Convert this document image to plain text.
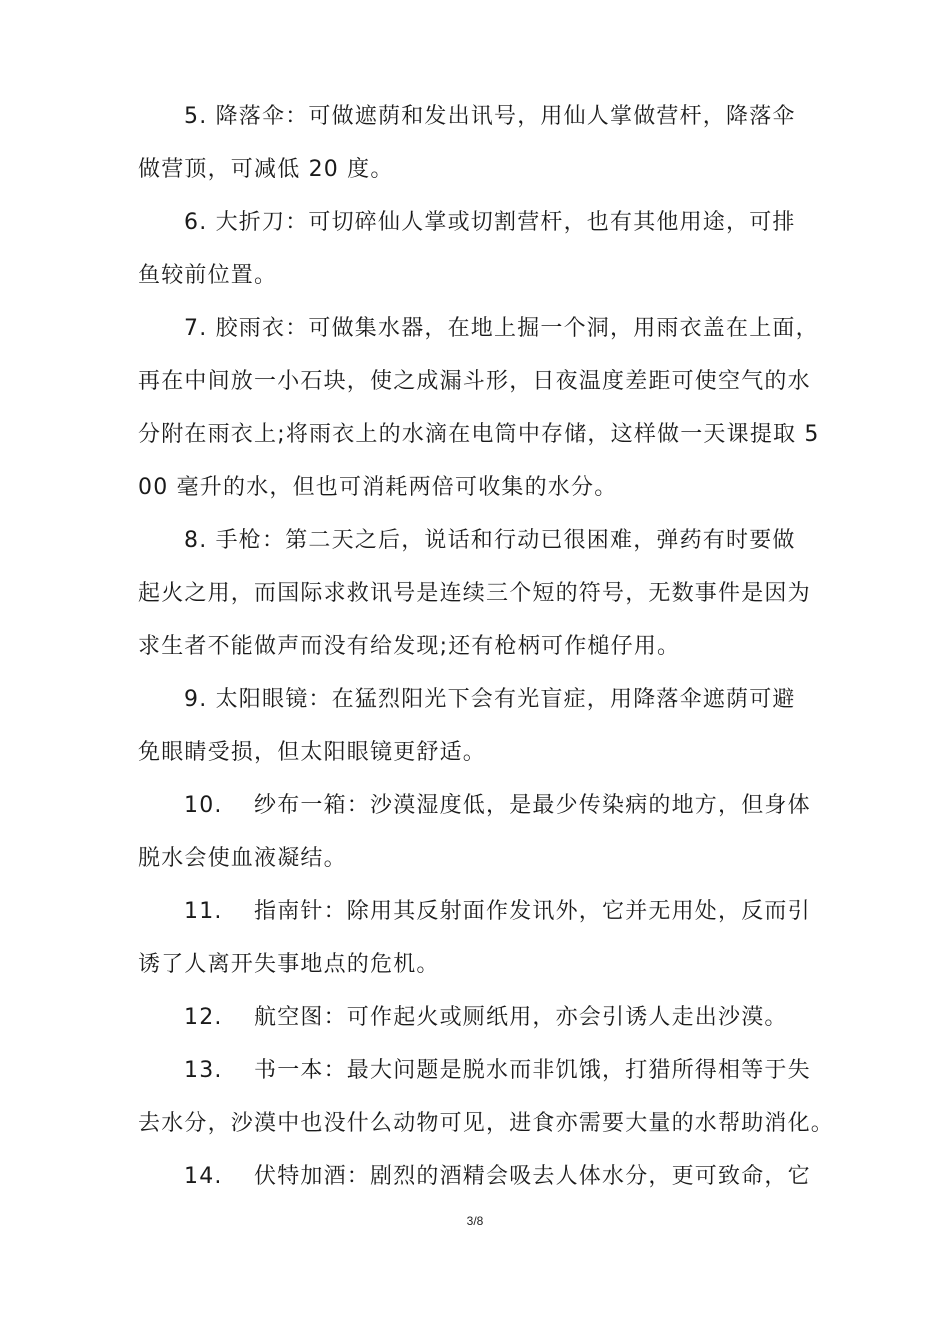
5. 降落伞：可做遮荫和发出讯号，用仙人掌做营杆，降落伞
做营顶，可减低 20 度。
6. 大折刀：可切碎仙人掌或切割营杆，也有其他用途，可排
鱼较前位置。
7. 胶雨衣：可做集水器，在地上掘一个洞，用雨衣盖在上面，
再在中间放一小石块，使之成漏斗形，日夜温度差距可使空气的水
分附在雨衣上;将雨衣上的水滴在电筒中存储，这样做一天课提取 5
00 毫升的水，但也可消耗两倍可收集的水分。
8. 手枪：第二天之后，说话和行动已很困难，弹药有时要做
起火之用，而国际求救讯号是连续三个短的符号，无数事件是因为
求生者不能做声而没有给发现;还有枪柄可作槌仔用。
9. 太阳眼镜：在猛烈阳光下会有光盲症，用降落伞遮荫可避
免眼睛受损，但太阳眼镜更舒适。
10. 纱布一箱：沙漠湿度低，是最少传染病的地方，但身体
脱水会使血液凝结。
11. 指南针：除用其反射面作发讯外，它并无用处，反而引
诱了人离开失事地点的危机。
12. 航空图：可作起火或厕纸用，亦会引诱人走出沙漠。
13. 书一本：最大问题是脱水而非饥饿，打猎所得相等于失
去水分，沙漠中也没什么动物可见，进食亦需要大量的水帮助消化。
14. 伏特加酒：剧烈的酒精会吸去人体水分，更可致命，它
3/8
